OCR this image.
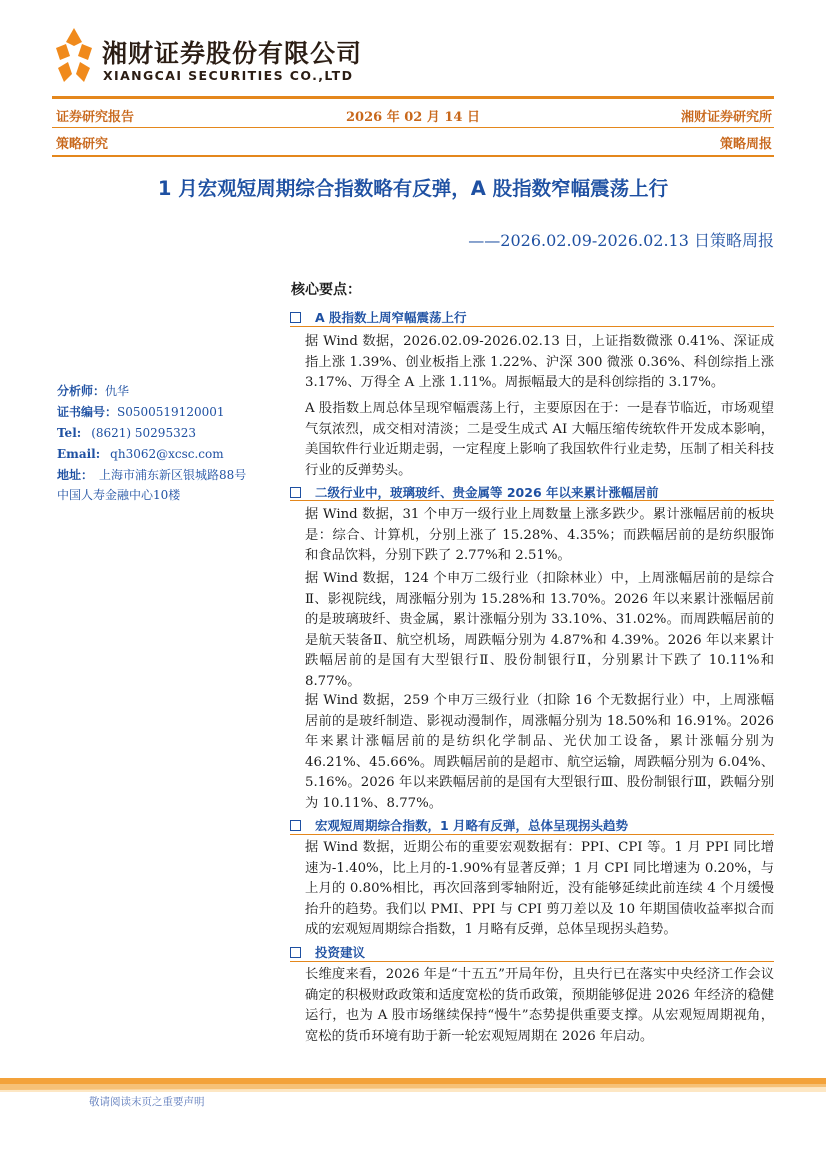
湘财证券股份有限公司
XIANGCAI SECURITIES CO.,LTD
证券研究报告	2026 年 02 月 14 日	湘财证券研究所
策略研究	策略周报
1 月宏观短周期综合指数略有反弹，A 股指数窄幅震荡上行
——2026.02.09-2026.02.13 日策略周报
核心要点：
分析师：仇华
证书编号：S0500519120001
Tel: (8621) 50295323
Email: qh3062@xcsc.com
地址： 上海市浦东新区银城路88号
中国人寿金融中心10楼
A 股指数上周窄幅震荡上行
据 Wind 数据，2026.02.09-2026.02.13 日，上证指数微涨 0.41%、深证成指上涨 1.39%、创业板指上涨 1.22%、沪深 300 微涨 0.36%、科创综指上涨 3.17%、万得全 A 上涨 1.11%。周振幅最大的是科创综指的 3.17%。
A 股指数上周总体呈现窄幅震荡上行，主要原因在于：一是春节临近，市场观望气氛浓烈，成交相对清淡；二是受生成式 AI 大幅压缩传统软件开发成本影响，美国软件行业近期走弱，一定程度上影响了我国软件行业走势，压制了相关科技行业的反弹势头。
二级行业中，玻璃玻纤、贵金属等 2026 年以来累计涨幅居前
据 Wind 数据，31 个申万一级行业上周数量上涨多跌少。累计涨幅居前的板块是：综合、计算机，分别上涨了 15.28%、4.35%；而跌幅居前的是纺织服饰和食品饮料，分别下跌了 2.77%和 2.51%。
据 Wind 数据，124 个申万二级行业（扣除林业）中，上周涨幅居前的是综合Ⅱ、影视院线，周涨幅分别为 15.28%和 13.70%。2026 年以来累计涨幅居前的是玻璃玻纤、贵金属，累计涨幅分别为 33.10%、31.02%。而周跌幅居前的是航天装备Ⅱ、航空机场，周跌幅分别为 4.87%和 4.39%。2026 年以来累计跌幅居前的是国有大型银行Ⅱ、股份制银行Ⅱ，分别累计下跌了 10.11%和 8.77%。
据 Wind 数据，259 个申万三级行业（扣除 16 个无数据行业）中，上周涨幅居前的是玻纤制造、影视动漫制作，周涨幅分别为 18.50%和 16.91%。2026 年来累计涨幅居前的是纺织化学制品、光伏加工设备，累计涨幅分别为 46.21%、45.66%。周跌幅居前的是超市、航空运输，周跌幅分别为 6.04%、5.16%。2026 年以来跌幅居前的是国有大型银行Ⅲ、股份制银行Ⅲ，跌幅分别为 10.11%、8.77%。
宏观短周期综合指数，1 月略有反弹，总体呈现拐头趋势
据 Wind 数据，近期公布的重要宏观数据有：PPI、CPI 等。1 月 PPI 同比增速为-1.40%，比上月的-1.90%有显著反弹；1 月 CPI 同比增速为 0.20%，与上月的 0.80%相比，再次回落到零轴附近，没有能够延续此前连续 4 个月缓慢抬升的趋势。我们以 PMI、PPI 与 CPI 剪刀差以及 10 年期国债收益率拟合而成的宏观短周期综合指数，1 月略有反弹，总体呈现拐头趋势。
投资建议
长维度来看，2026 年是“十五五”开局年份，且央行已在落实中央经济工作会议确定的积极财政政策和适度宽松的货币政策，预期能够促进 2026 年经济的稳健运行，也为 A 股市场继续保持“慢牛”态势提供重要支撑。从宏观短周期视角，宽松的货币环境有助于新一轮宏观短周期在 2026 年启动。
敬请阅读末页之重要声明
